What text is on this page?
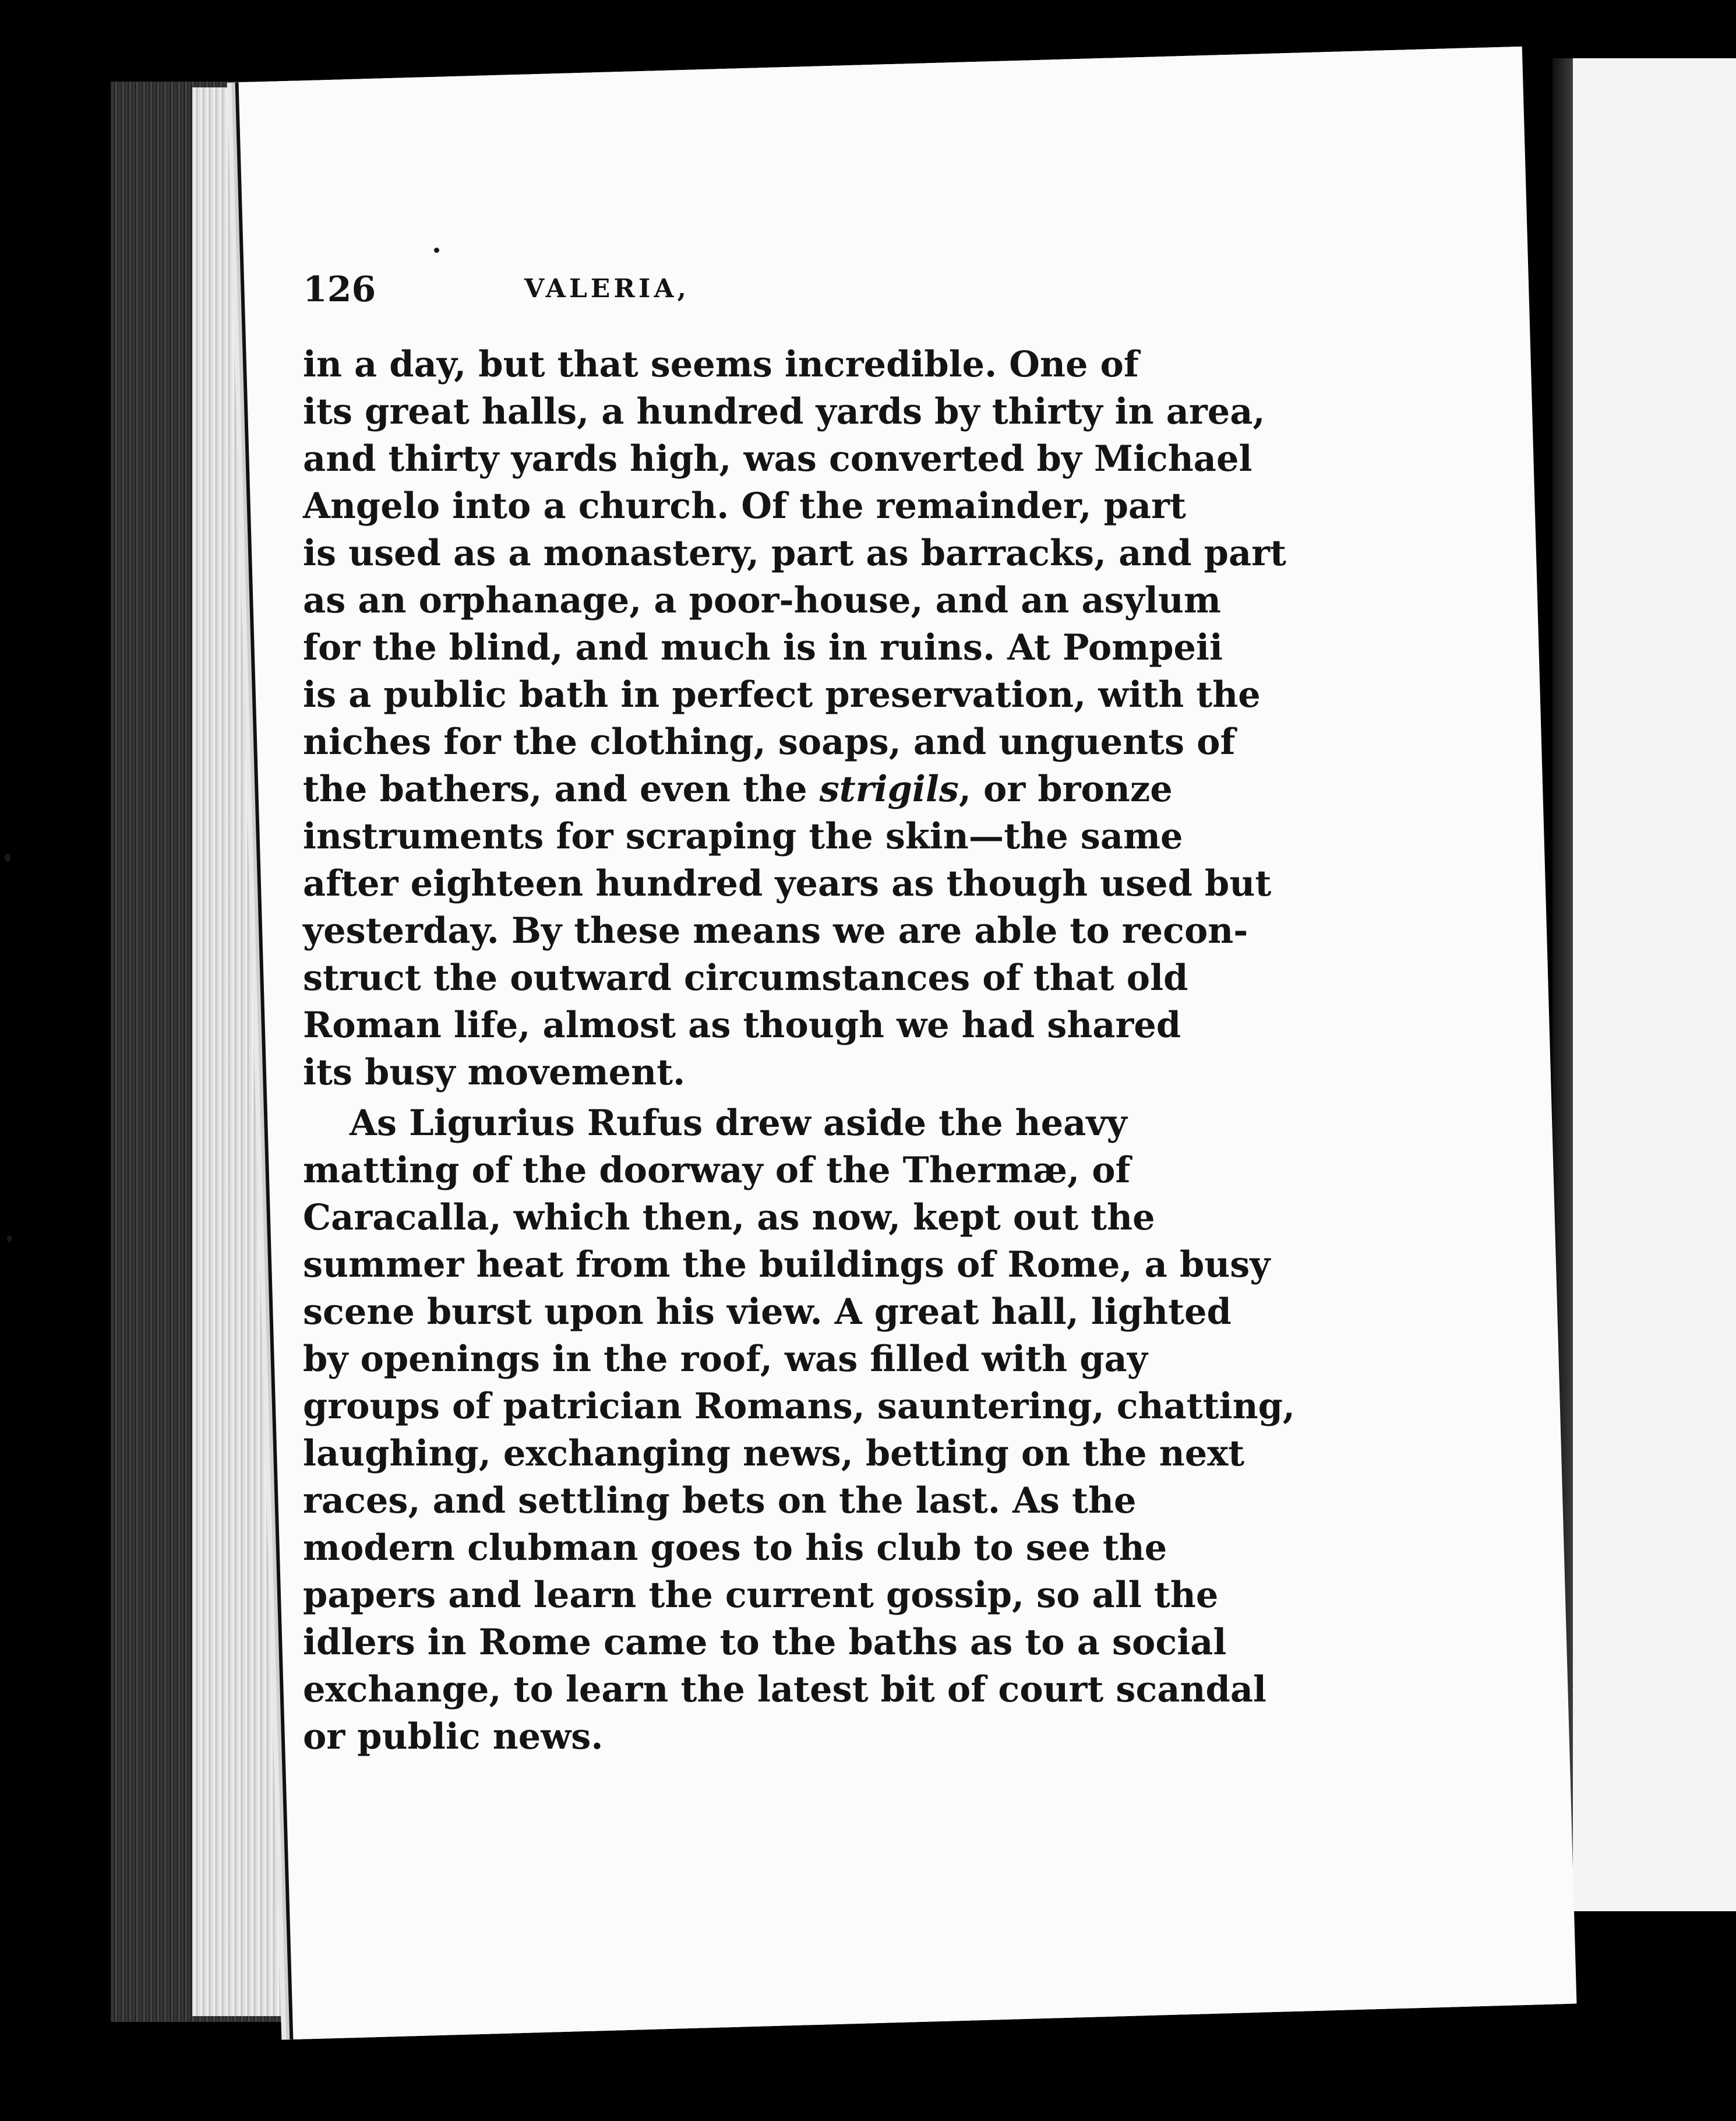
126	VALERIA,
in a day, but that seems incredible. One of
its great halls, a hundred yards by thirty in area,
and thirty yards high, was converted by Michael
Angelo into a church. Of the remainder, part
is used as a monastery, part as barracks, and part
as an orphanage, a poor-house, and an asylum
for the blind, and much is in ruins. At Pompeii
is a public bath in perfect preservation, with the
niches for the clothing, soaps, and unguents of
the bathers, and even the strigils, or bronze
instruments for scraping the skin—the same
after eighteen hundred years as though used but
yesterday. By these means we are able to recon-
struct the outward circumstances of that old
Roman life, almost as though we had shared
its busy movement.
As Ligurius Rufus drew aside the heavy
matting of the doorway of the Thermæ, of
Caracalla, which then, as now, kept out the
summer heat from the buildings of Rome, a busy
scene burst upon his view. A great hall, lighted
by openings in the roof, was filled with gay
groups of patrician Romans, sauntering, chatting,
laughing, exchanging news, betting on the next
races, and settling bets on the last. As the
modern clubman goes to his club to see the
papers and learn the current gossip, so all the
idlers in Rome came to the baths as to a social
exchange, to learn the latest bit of court scandal
or public news.
